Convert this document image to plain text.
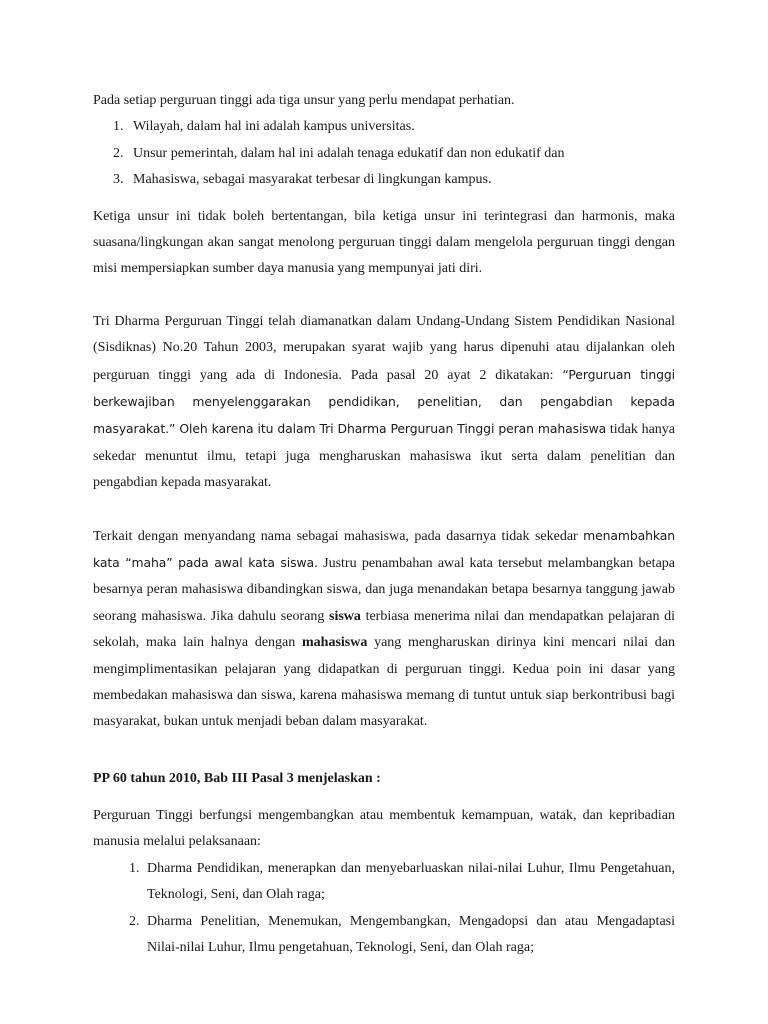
Pada setiap perguruan tinggi ada tiga unsur yang perlu mendapat perhatian.

1. Wilayah, dalam hal ini adalah kampus universitas.
2. Unsur pemerintah, dalam hal ini adalah tenaga edukatif dan non edukatif dan
3. Mahasiswa, sebagai masyarakat terbesar di lingkungan kampus.

Ketiga unsur ini tidak boleh bertentangan, bila ketiga unsur ini terintegrasi dan harmonis, maka suasana/lingkungan akan sangat menolong perguruan tinggi dalam mengelola perguruan tinggi dengan misi mempersiapkan sumber daya manusia yang mempunyai jati diri.

Tri Dharma Perguruan Tinggi telah diamanatkan dalam Undang-Undang Sistem Pendidikan Nasional (Sisdiknas) No.20 Tahun 2003, merupakan syarat wajib yang harus dipenuhi atau dijalankan oleh perguruan tinggi yang ada di Indonesia. Pada pasal 20 ayat 2 dikatakan: “Perguruan tinggi berkewajiban menyelenggarakan pendidikan, penelitian, dan pengabdian kepada masyarakat.” Oleh karena itu dalam Tri Dharma Perguruan Tinggi peran mahasiswa tidak hanya sekedar menuntut ilmu, tetapi juga mengharuskan mahasiswa ikut serta dalam penelitian dan pengabdian kepada masyarakat.

Terkait dengan menyandang nama sebagai mahasiswa, pada dasarnya tidak sekedar menambahkan kata “maha” pada awal kata siswa. Justru penambahan awal kata tersebut melambangkan betapa besarnya peran mahasiswa dibandingkan siswa, dan juga menandakan betapa besarnya tanggung jawab seorang mahasiswa. Jika dahulu seorang siswa terbiasa menerima nilai dan mendapatkan pelajaran di sekolah, maka lain halnya dengan mahasiswa yang mengharuskan dirinya kini mencari nilai dan mengimplimentasikan pelajaran yang didapatkan di perguruan tinggi. Kedua poin ini dasar yang membedakan mahasiswa dan siswa, karena mahasiswa memang di tuntut untuk siap berkontribusi bagi masyarakat, bukan untuk menjadi beban dalam masyarakat.

PP 60 tahun 2010, Bab III Pasal 3 menjelaskan :

Perguruan Tinggi berfungsi mengembangkan atau membentuk kemampuan, watak, dan kepribadian manusia melalui pelaksanaan:

1. Dharma Pendidikan, menerapkan dan menyebarluaskan nilai-nilai Luhur, Ilmu Pengetahuan, Teknologi, Seni, dan Olah raga;
2. Dharma Penelitian, Menemukan, Mengembangkan, Mengadopsi dan atau Mengadaptasi Nilai-nilai Luhur, Ilmu pengetahuan, Teknologi, Seni, dan Olah raga;
